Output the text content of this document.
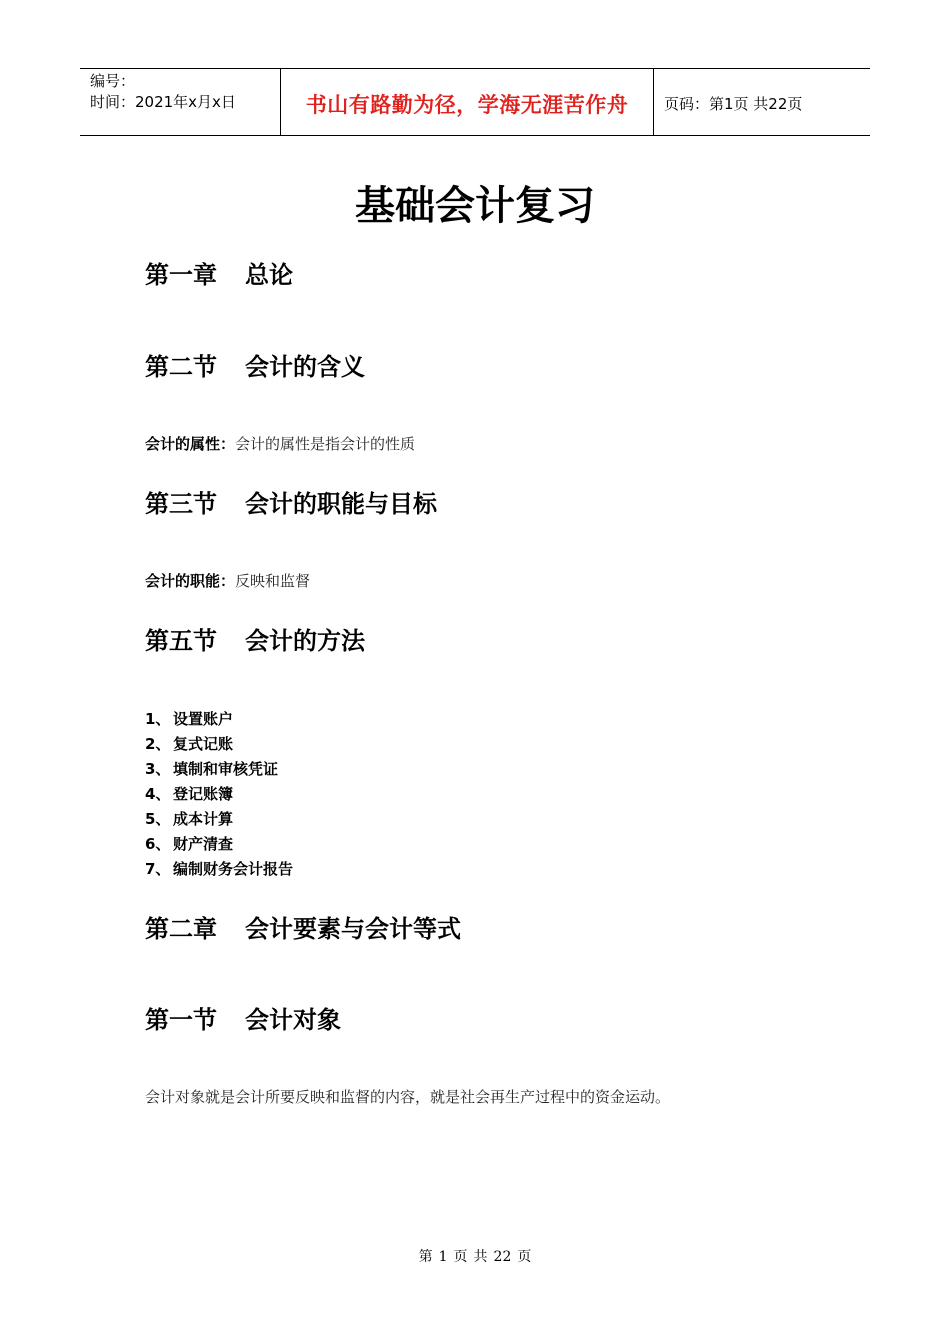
编号：
时间：2021年x月x日	书山有路勤为径，学海无涯苦作舟 页码：第1页 共22页
基础会计复习
第一章 总论
第二节 会计的含义
会计的属性：会计的属性是指会计的性质
第三节 会计的职能与目标
会计的职能：反映和监督
第五节 会计的方法
1、 设置账户
2、 复式记账
3、 填制和审核凭证
4、 登记账簿
5、 成本计算
6、 财产清查
7、 编制财务会计报告
第二章 会计要素与会计等式
第一节 会计对象
会计对象就是会计所要反映和监督的内容，就是社会再生产过程中的资金运动。
第 1 页 共 22 页
